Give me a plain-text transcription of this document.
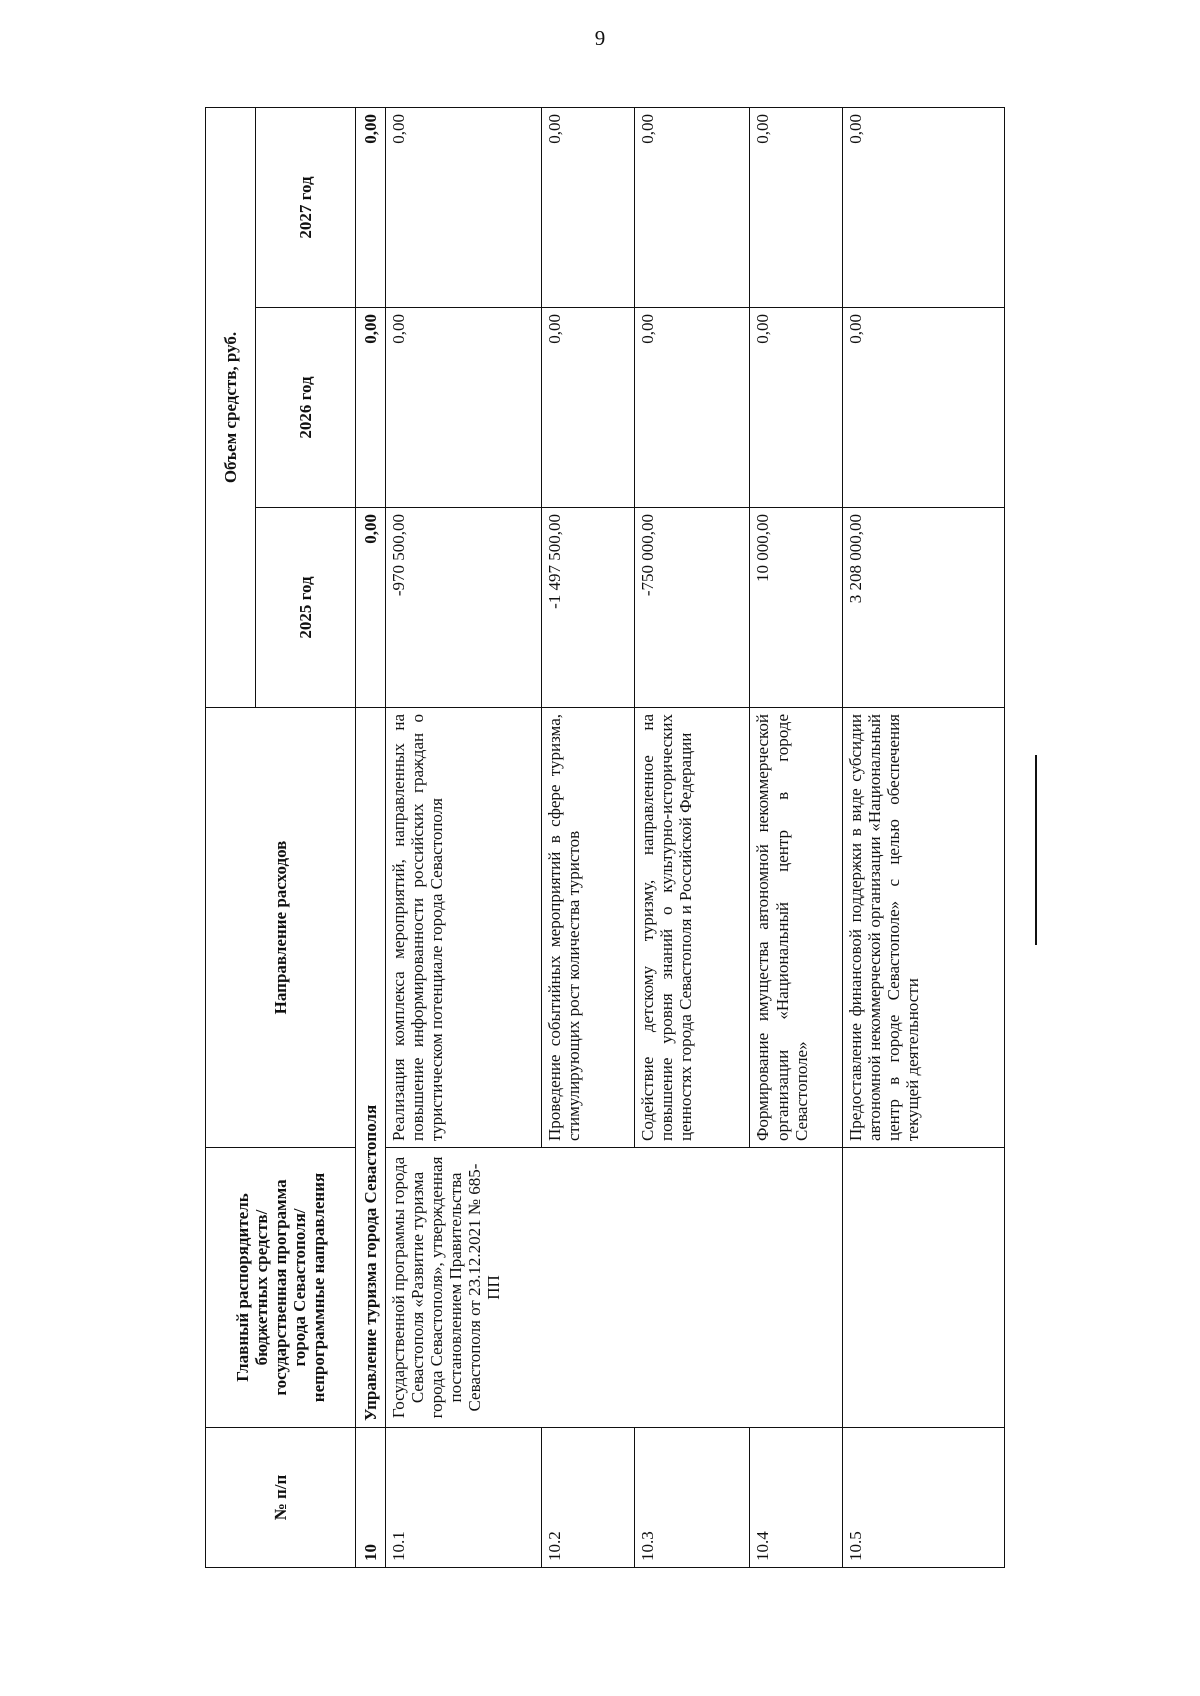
9
№ п/п	Главный распорядитель бюджетных средств/государственная программа города Севастополя/непрограммные направления	Направление расходов	Объем средств, руб.		
			2025 год	2026 год	2027 год
10	Управление туризма города Севастополя		0,00	0,00	0,00
10.1	Государственной программы города Севастополя «Развитие туризма города Севастополя», утвержденная постановлением Правительства Севастополя от 23.12.2021 № 685-ПП	Реализация комплекса мероприятий, направленных на повышение информированности российских граждан о туристическом потенциале города Севастополя	-970 500,00	0,00	0,00
10.2		Проведение событийных мероприятий в сфере туризма, стимулирующих рост количества туристов	-1 497 500,00	0,00	0,00
10.3		Содействие детскому туризму, направленное на повышение уровня знаний о культурно-исторических ценностях города Севастополя и Российской Федерации	-750 000,00	0,00	0,00
10.4		Формирование имущества автономной некоммерческой организации «Национальный центр в городе Севастополе»	10 000,00	0,00	0,00
10.5		Предоставление финансовой поддержки в виде субсидии автономной некоммерческой организации «Национальный центр в городе Севастополе» с целью обеспечения текущей деятельности	3 208 000,00	0,00	0,00
